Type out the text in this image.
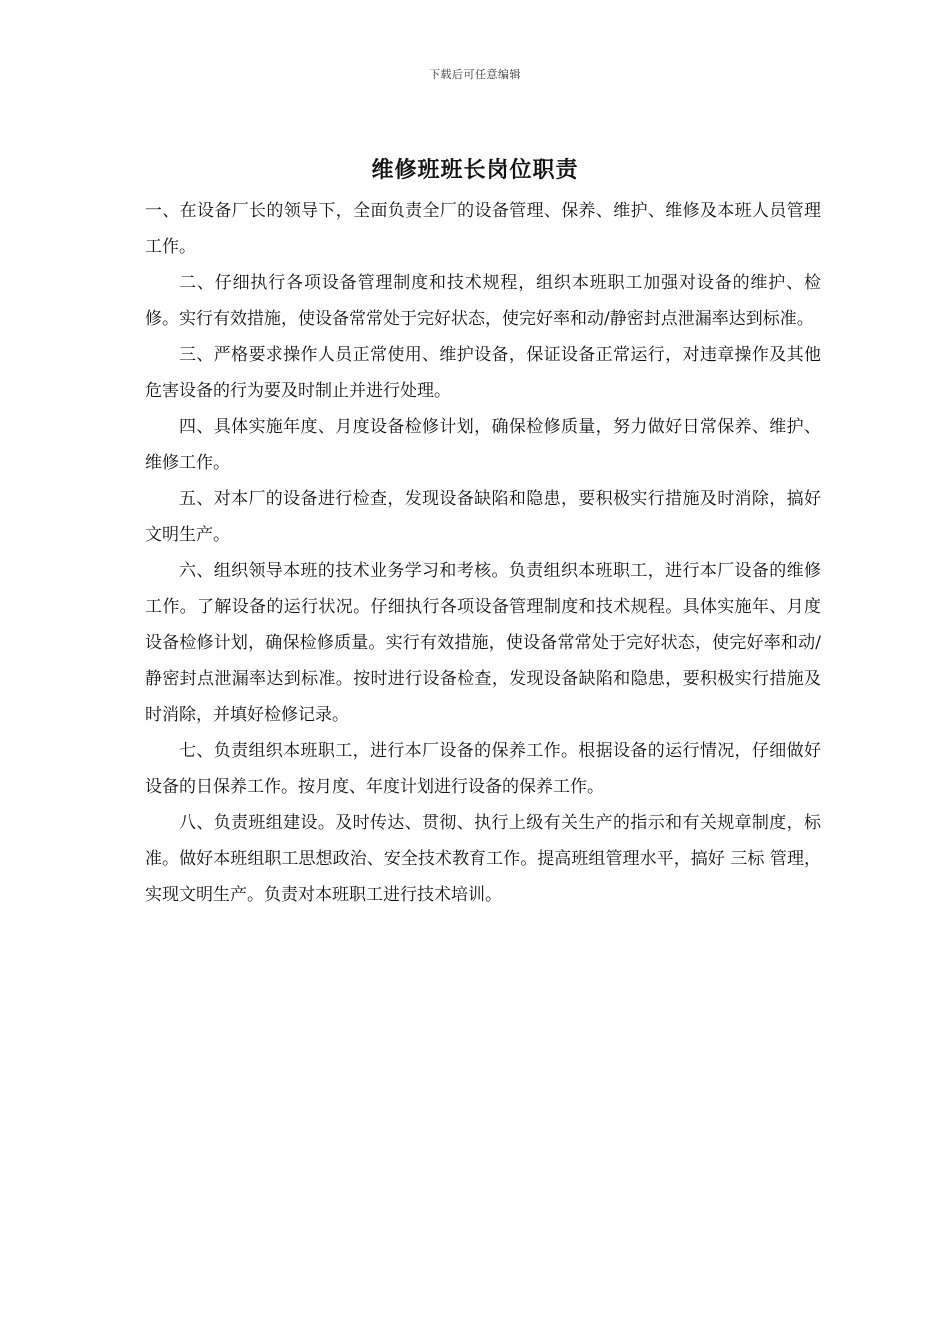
下载后可任意编辑
维修班班长岗位职责

一、在设备厂长的领导下，全面负责全厂的设备管理、保养、维护、维修及本班人员管理工作。

二、仔细执行各项设备管理制度和技术规程，组织本班职工加强对设备的维护、检修。实行有效措施，使设备常常处于完好状态，使完好率和动/静密封点泄漏率达到标准。

三、严格要求操作人员正常使用、维护设备，保证设备正常运行，对违章操作及其他危害设备的行为要及时制止并进行处理。

四、具体实施年度、月度设备检修计划，确保检修质量，努力做好日常保养、维护、维修工作。

五、对本厂的设备进行检查，发现设备缺陷和隐患，要积极实行措施及时消除，搞好文明生产。

六、组织领导本班的技术业务学习和考核。负责组织本班职工，进行本厂设备的维修工作。了解设备的运行状况。仔细执行各项设备管理制度和技术规程。具体实施年、月度设备检修计划，确保检修质量。实行有效措施，使设备常常处于完好状态，使完好率和动/静密封点泄漏率达到标准。按时进行设备检查，发现设备缺陷和隐患，要积极实行措施及时消除，并填好检修记录。

七、负责组织本班职工，进行本厂设备的保养工作。根据设备的运行情况，仔细做好设备的日保养工作。按月度、年度计划进行设备的保养工作。

八、负责班组建设。及时传达、贯彻、执行上级有关生产的指示和有关规章制度，标准。做好本班组职工思想政治、安全技术教育工作。提高班组管理水平，搞好 三标 管理，实现文明生产。负责对本班职工进行技术培训。
